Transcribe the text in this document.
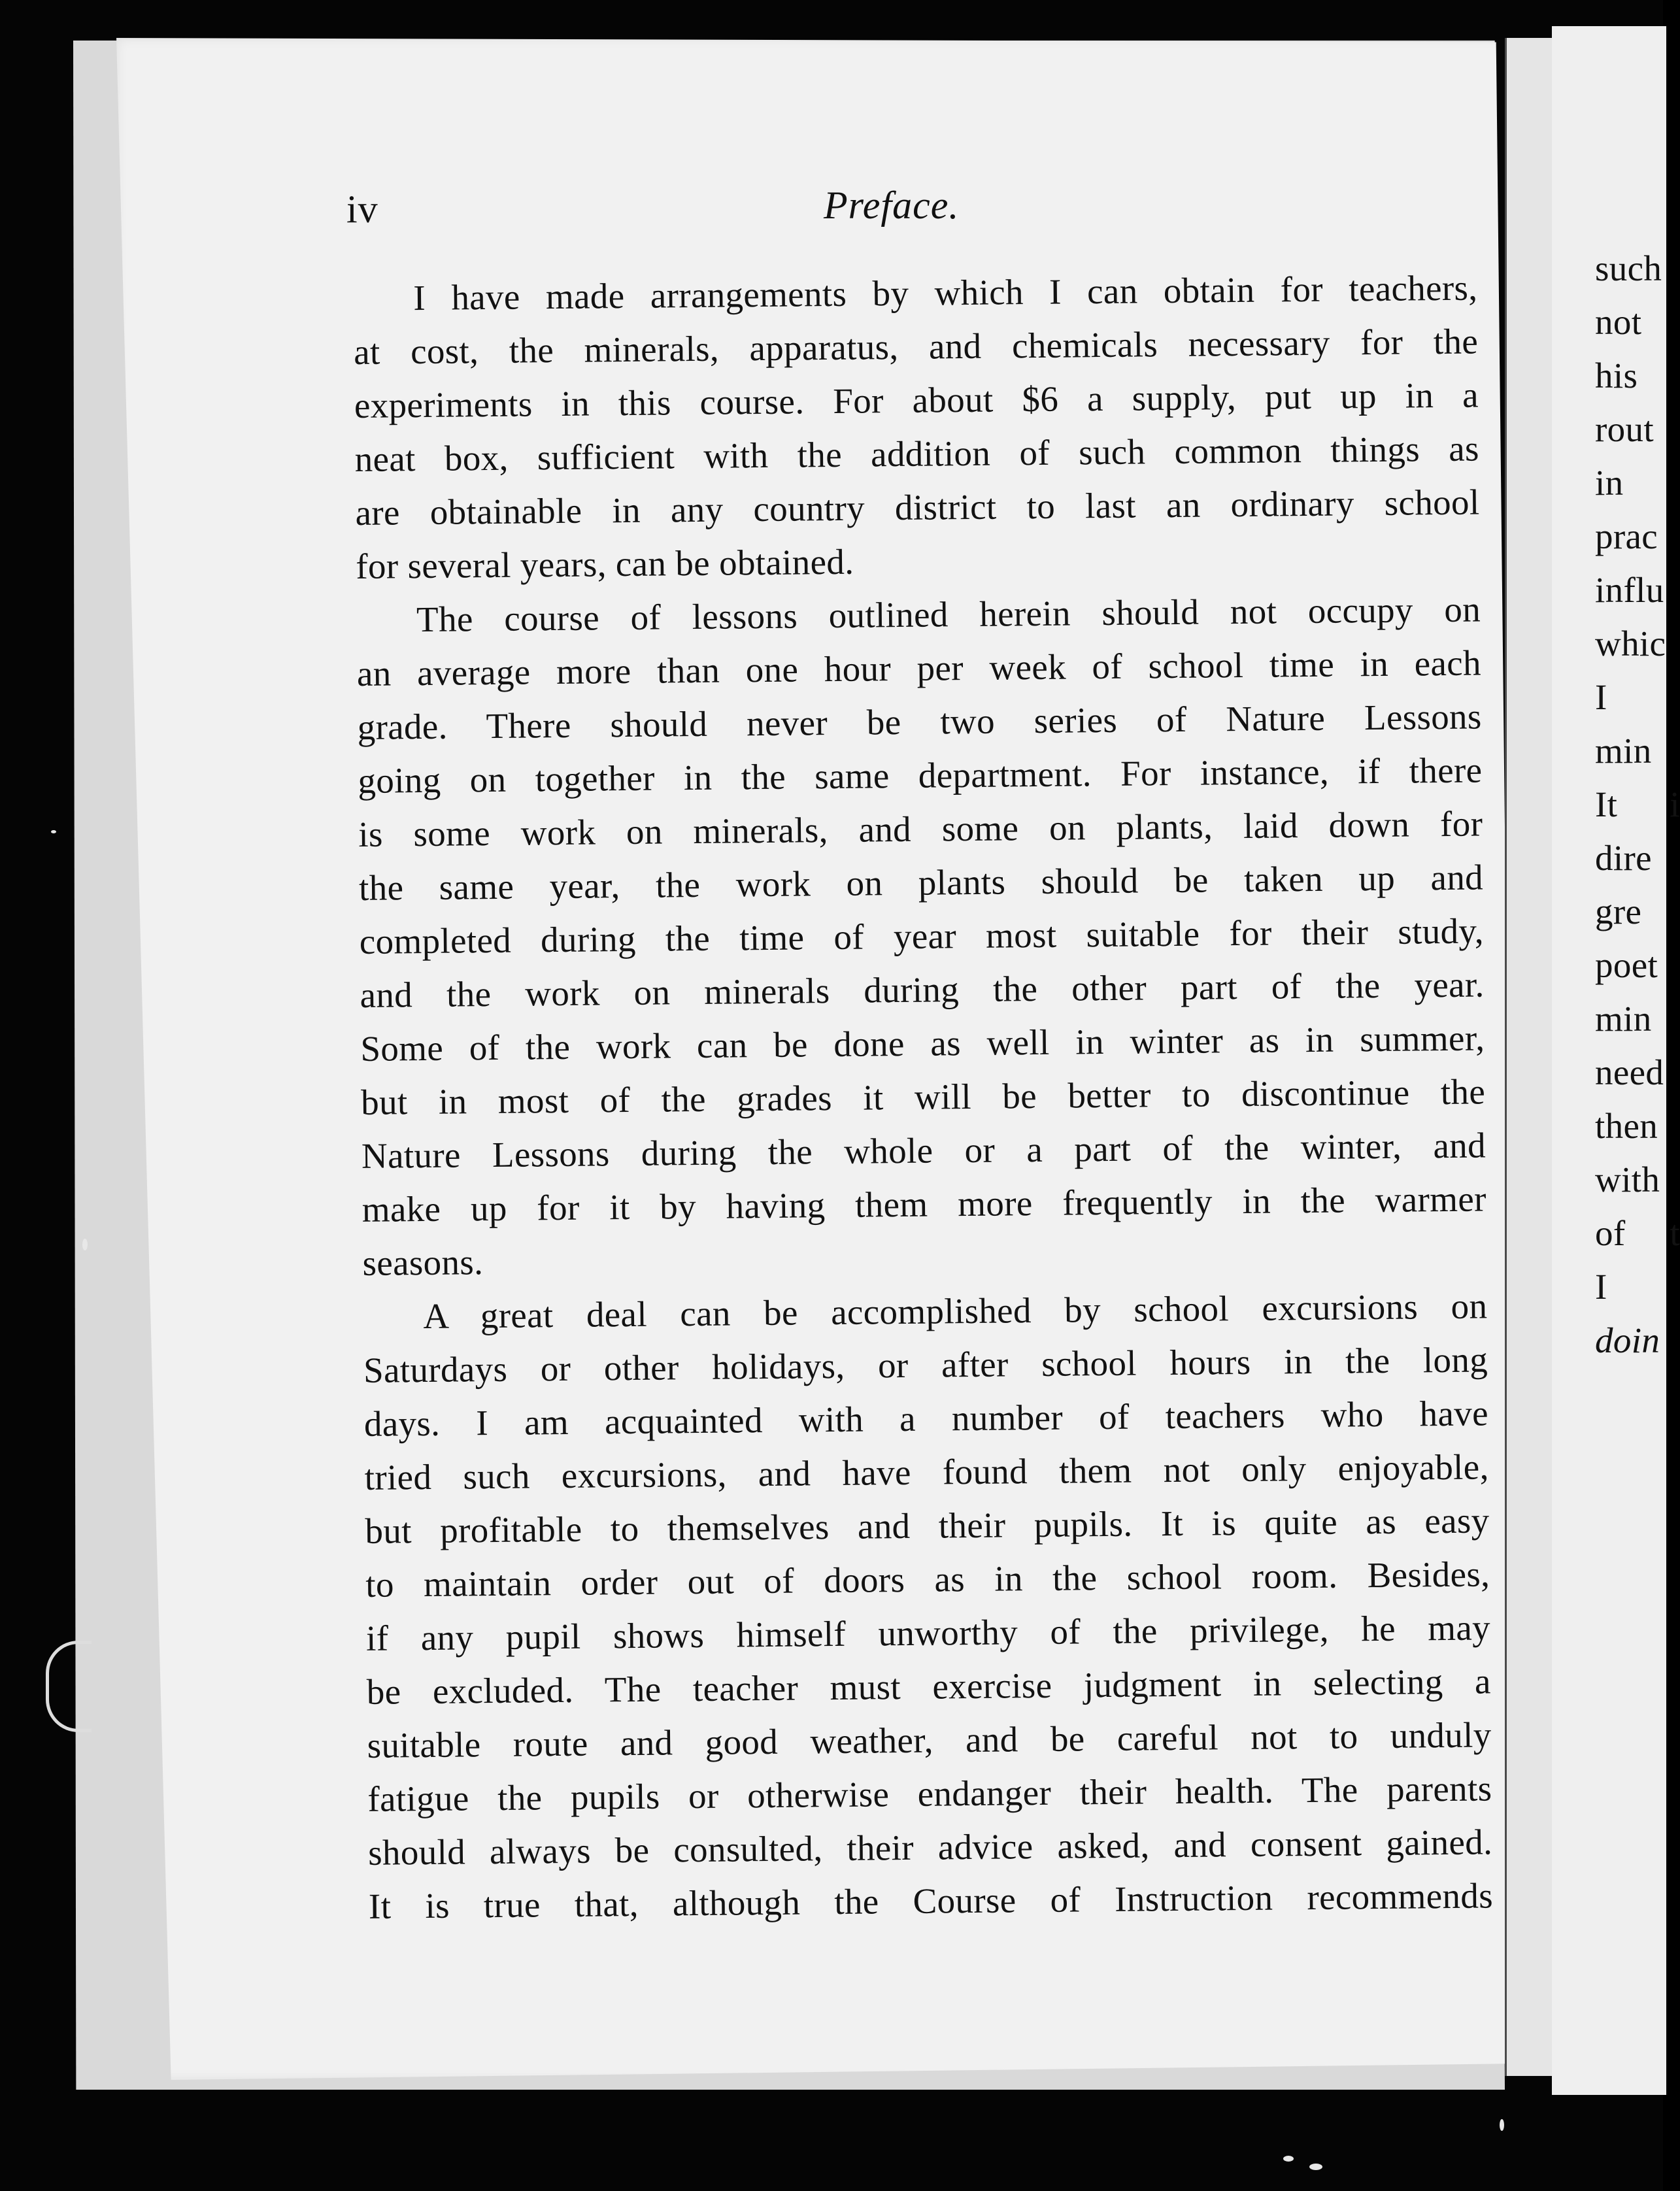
iv	Preface.

I have made arrangements by which I can obtain for teachers,
at cost, the minerals, apparatus, and chemicals necessary for the
experiments in this course. For about $6 a supply, put up in a
neat box, sufficient with the addition of such common things as
are obtainable in any country district to last an ordinary school
for several years, can be obtained.

The course of lessons outlined herein should not occupy on
an average more than one hour per week of school time in each
grade. There should never be two series of Nature Lessons
going on together in the same department. For instance, if there
is some work on minerals, and some on plants, laid down for
the same year, the work on plants should be taken up and
completed during the time of year most suitable for their study,
and the work on minerals during the other part of the year.
Some of the work can be done as well in winter as in summer,
but in most of the grades it will be better to discontinue the
Nature Lessons during the whole or a part of the winter, and
make up for it by having them more frequently in the warmer
seasons.

A great deal can be accomplished by school excursions on
Saturdays or other holidays, or after school hours in the long
days. I am acquainted with a number of teachers who have
tried such excursions, and have found them not only enjoyable,
but profitable to themselves and their pupils. It is quite as easy
to maintain order out of doors as in the school room. Besides,
if any pupil shows himself unworthy of the privilege, he may
be excluded. The teacher must exercise judgment in selecting a
suitable route and good weather, and be careful not to unduly
fatigue the pupils or otherwise endanger their health. The parents
should always be consulted, their advice asked, and consent gained.
It is true that, although the Course of Instruction recommends

such
not
his
rout
in
prac
influ
whic
I
min
It i
dire
gre
poet
min
need
then
with
of t
I
doin
